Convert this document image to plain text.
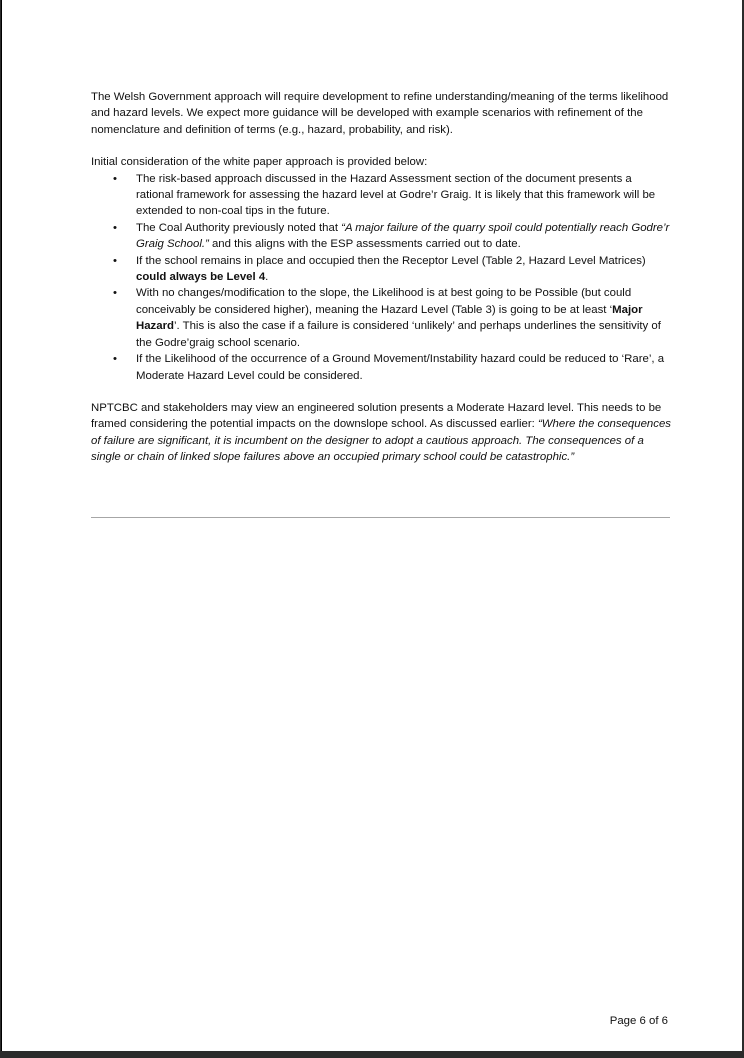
The Welsh Government approach will require development to refine understanding/meaning of the terms likelihood and hazard levels. We expect more guidance will be developed with example scenarios with refinement of the nomenclature and definition of terms (e.g., hazard, probability, and risk).

Initial consideration of the white paper approach is provided below:

• The risk-based approach discussed in the Hazard Assessment section of the document presents a rational framework for assessing the hazard level at Godre’r Graig. It is likely that this framework will be extended to non-coal tips in the future.
• The Coal Authority previously noted that “A major failure of the quarry spoil could potentially reach Godre’r Graig School.” and this aligns with the ESP assessments carried out to date.
• If the school remains in place and occupied then the Receptor Level (Table 2, Hazard Level Matrices) could always be Level 4.
• With no changes/modification to the slope, the Likelihood is at best going to be Possible (but could conceivably be considered higher), meaning the Hazard Level (Table 3) is going to be at least ‘Major Hazard’. This is also the case if a failure is considered ‘unlikely’ and perhaps underlines the sensitivity of the Godre’graig school scenario.
• If the Likelihood of the occurrence of a Ground Movement/Instability hazard could be reduced to ‘Rare’, a Moderate Hazard Level could be considered.

NPTCBC and stakeholders may view an engineered solution presents a Moderate Hazard level. This needs to be framed considering the potential impacts on the downslope school. As discussed earlier: “Where the consequences of failure are significant, it is incumbent on the designer to adopt a cautious approach. The consequences of a single or chain of linked slope failures above an occupied primary school could be catastrophic.”

Page 6 of 6
